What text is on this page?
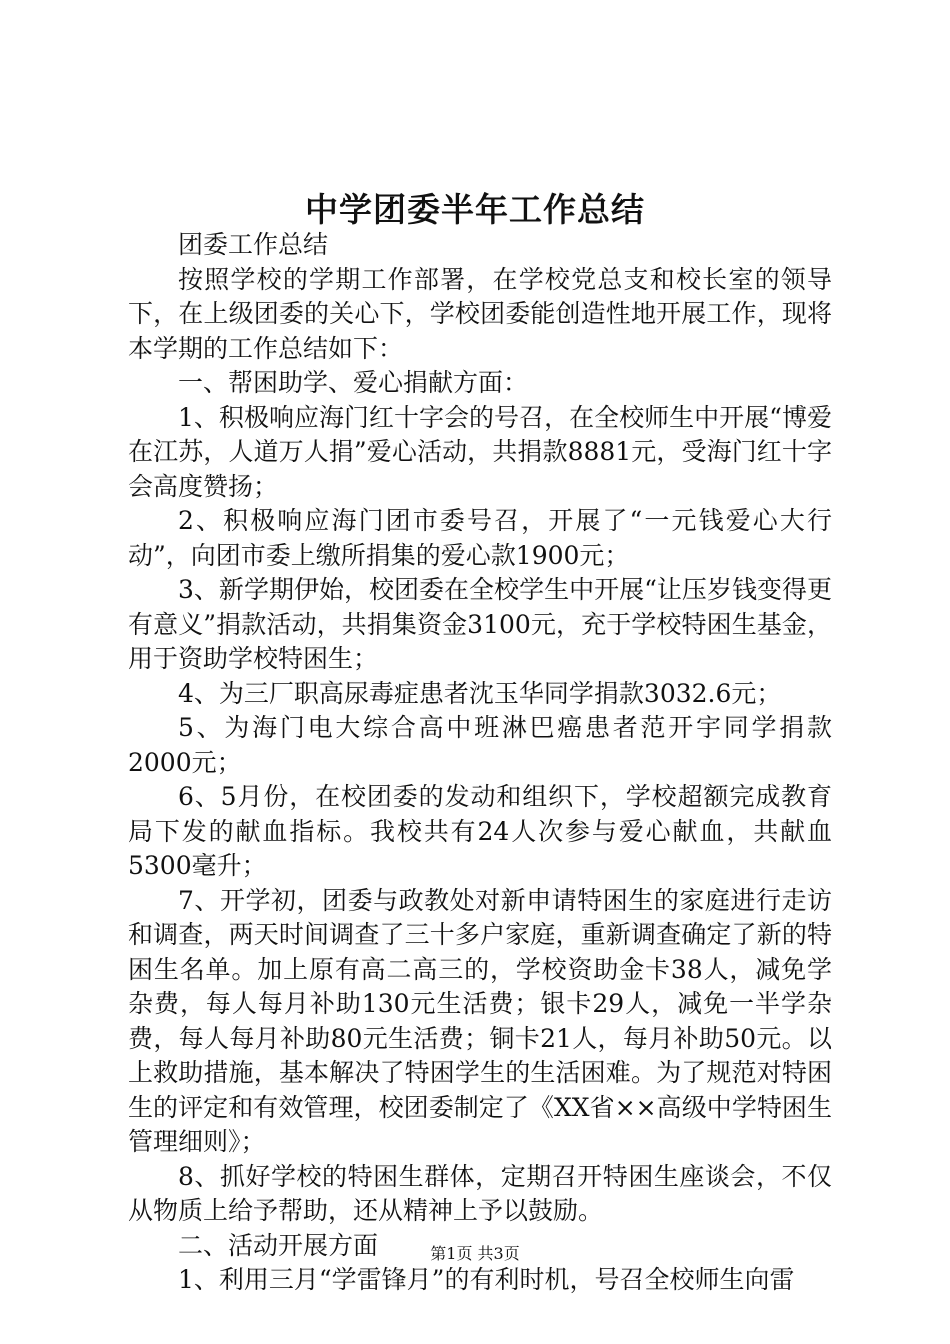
中学团委半年工作总结

团委工作总结

按照学校的学期工作部署，在学校党总支和校长室的领导下，在上级团委的关心下，学校团委能创造性地开展工作，现将本学期的工作总结如下：

一、帮困助学、爱心捐献方面：

1、积极响应海门红十字会的号召，在全校师生中开展“博爱在江苏，人道万人捐”爱心活动，共捐款8881元，受海门红十字会高度赞扬；

2、积极响应海门团市委号召，开展了“一元钱爱心大行动”，向团市委上缴所捐集的爱心款1900元；

3、新学期伊始，校团委在全校学生中开展“让压岁钱变得更有意义”捐款活动，共捐集资金3100元，充于学校特困生基金，用于资助学校特困生；

4、为三厂职高尿毒症患者沈玉华同学捐款3032.6元；

5、为海门电大综合高中班淋巴癌患者范开宇同学捐款2000元；

6、5月份，在校团委的发动和组织下，学校超额完成教育局下发的献血指标。我校共有24人次参与爱心献血，共献血5300毫升；

7、开学初，团委与政教处对新申请特困生的家庭进行走访和调查，两天时间调查了三十多户家庭，重新调查确定了新的特困生名单。加上原有高二高三的，学校资助金卡38人，减免学杂费，每人每月补助130元生活费；银卡29人，减免一半学杂费，每人每月补助80元生活费；铜卡21人，每月补助50元。以上救助措施，基本解决了特困学生的生活困难。为了规范对特困生的评定和有效管理，校团委制定了《XX省××高级中学特困生管理细则》；

8、抓好学校的特困生群体，定期召开特困生座谈会，不仅从物质上给予帮助，还从精神上予以鼓励。

二、活动开展方面

1、利用三月“学雷锋月”的有利时机，号召全校师生向雷

第1页 共3页
